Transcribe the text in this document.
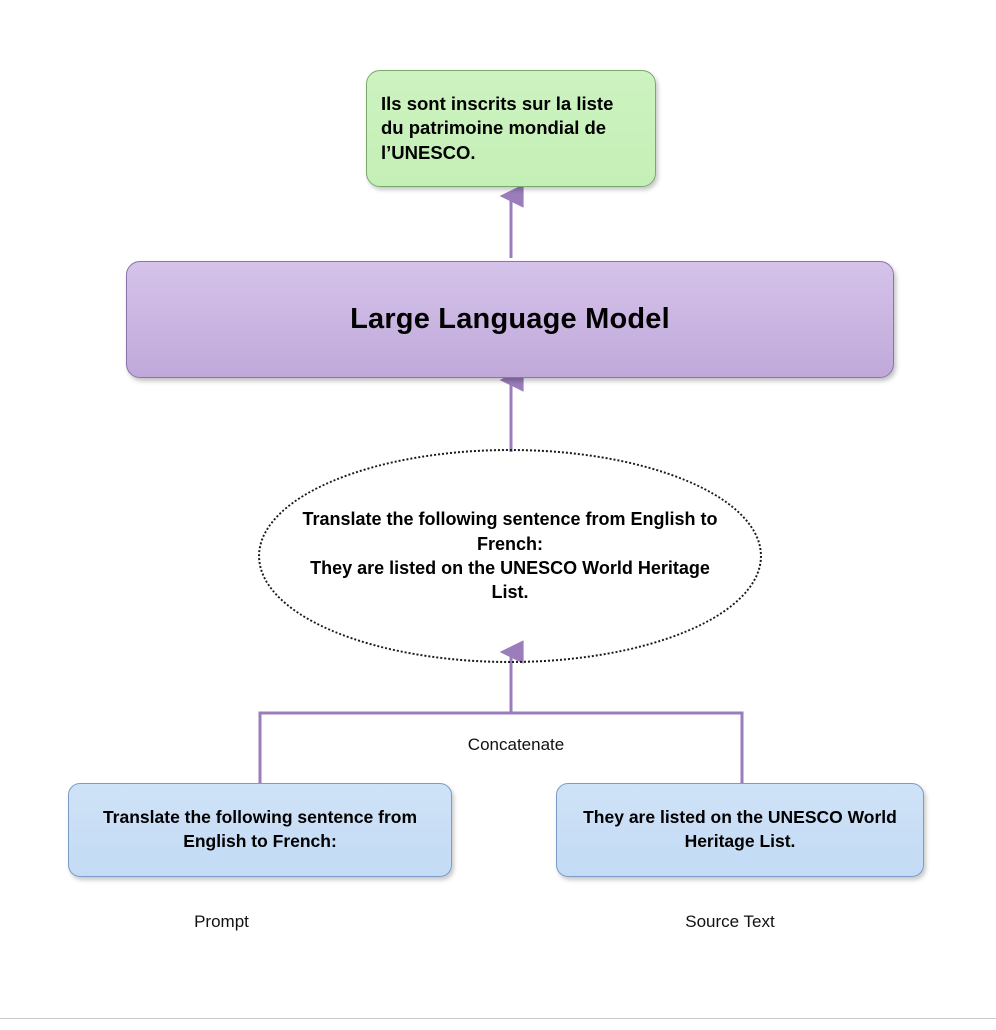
Ils sont inscrits sur la liste du patrimoine mondial de l’UNESCO.
Large Language Model
Translate the following sentence from English to French:
They are listed on the UNESCO World Heritage List.
Concatenate
Translate the following sentence from English to French:
They are listed on the UNESCO World Heritage List.
Prompt	Source Text
